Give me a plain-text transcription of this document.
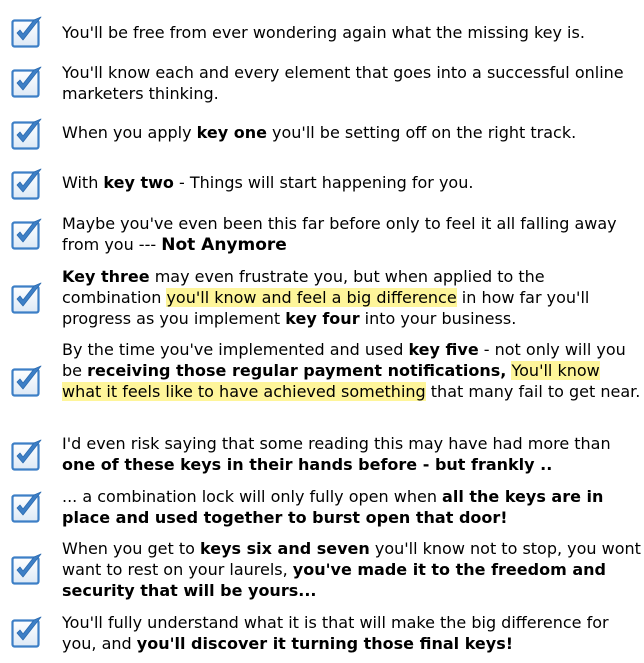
You'll be free from ever wondering again what the missing key is.
You'll know each and every element that goes into a successful online marketers thinking.
When you apply key one you'll be setting off on the right track.
With key two - Things will start happening for you.
Maybe you've even been this far before only to feel it all falling away from you --- Not Anymore
Key three may even frustrate you, but when applied to the combination you'll know and feel a big difference in how far you'll progress as you implement key four into your business.
By the time you've implemented and used key five - not only will you be receiving those regular payment notifications, You'll know what it feels like to have achieved something that many fail to get near.
I'd even risk saying that some reading this may have had more than one of these keys in their hands before - but frankly ..
... a combination lock will only fully open when all the keys are in place and used together to burst open that door!
When you get to keys six and seven you'll know not to stop, you wont want to rest on your laurels, you've made it to the freedom and security that will be yours...
You'll fully understand what it is that will make the big difference for you, and you'll discover it turning those final keys!
